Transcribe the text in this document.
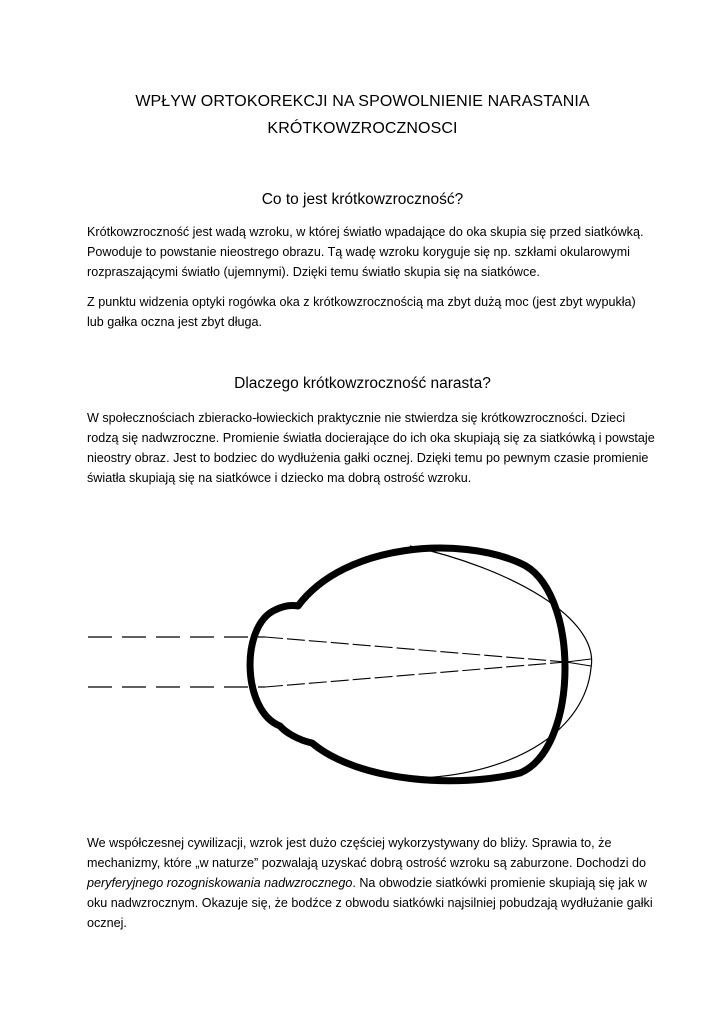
WPŁYW ORTOKOREKCJI NA SPOWOLNIENIE NARASTANIA
KRÓTKOWZROCZNOSCI
Co to jest krótkowzroczność?

Krótkowzroczność jest wadą wzroku, w której światło wpadające do oka skupia się przed siatkówką.
Powoduje to powstanie nieostrego obrazu. Tą wadę wzroku koryguje się np. szkłami okularowymi
rozpraszającymi światło (ujemnymi). Dzięki temu światło skupia się na siatkówce.

Z punktu widzenia optyki rogówka oka z krótkowzrocznością ma zbyt dużą moc (jest zbyt wypukła)
lub gałka oczna jest zbyt długa.

Dlaczego krótkowzroczność narasta?

W społecznościach zbieracko-łowieckich praktycznie nie stwierdza się krótkowzroczności. Dzieci
rodzą się nadwzroczne. Promienie światła docierające do ich oka skupiają się za siatkówką i powstaje
nieostry obraz. Jest to bodziec do wydłużenia gałki ocznej. Dzięki temu po pewnym czasie promienie
światła skupiają się na siatkówce i dziecko ma dobrą ostrość wzroku.

We współczesnej cywilizacji, wzrok jest dużo częściej wykorzystywany do bliży. Sprawia to, że
mechanizmy, które „w naturze” pozwalają uzyskać dobrą ostrość wzroku są zaburzone. Dochodzi do
peryferyjnego rozogniskowania nadwzrocznego. Na obwodzie siatkówki promienie skupiają się jak w
oku nadwzrocznym. Okazuje się, że bodźce z obwodu siatkówki najsilniej pobudzają wydłużanie gałki
ocznej.
